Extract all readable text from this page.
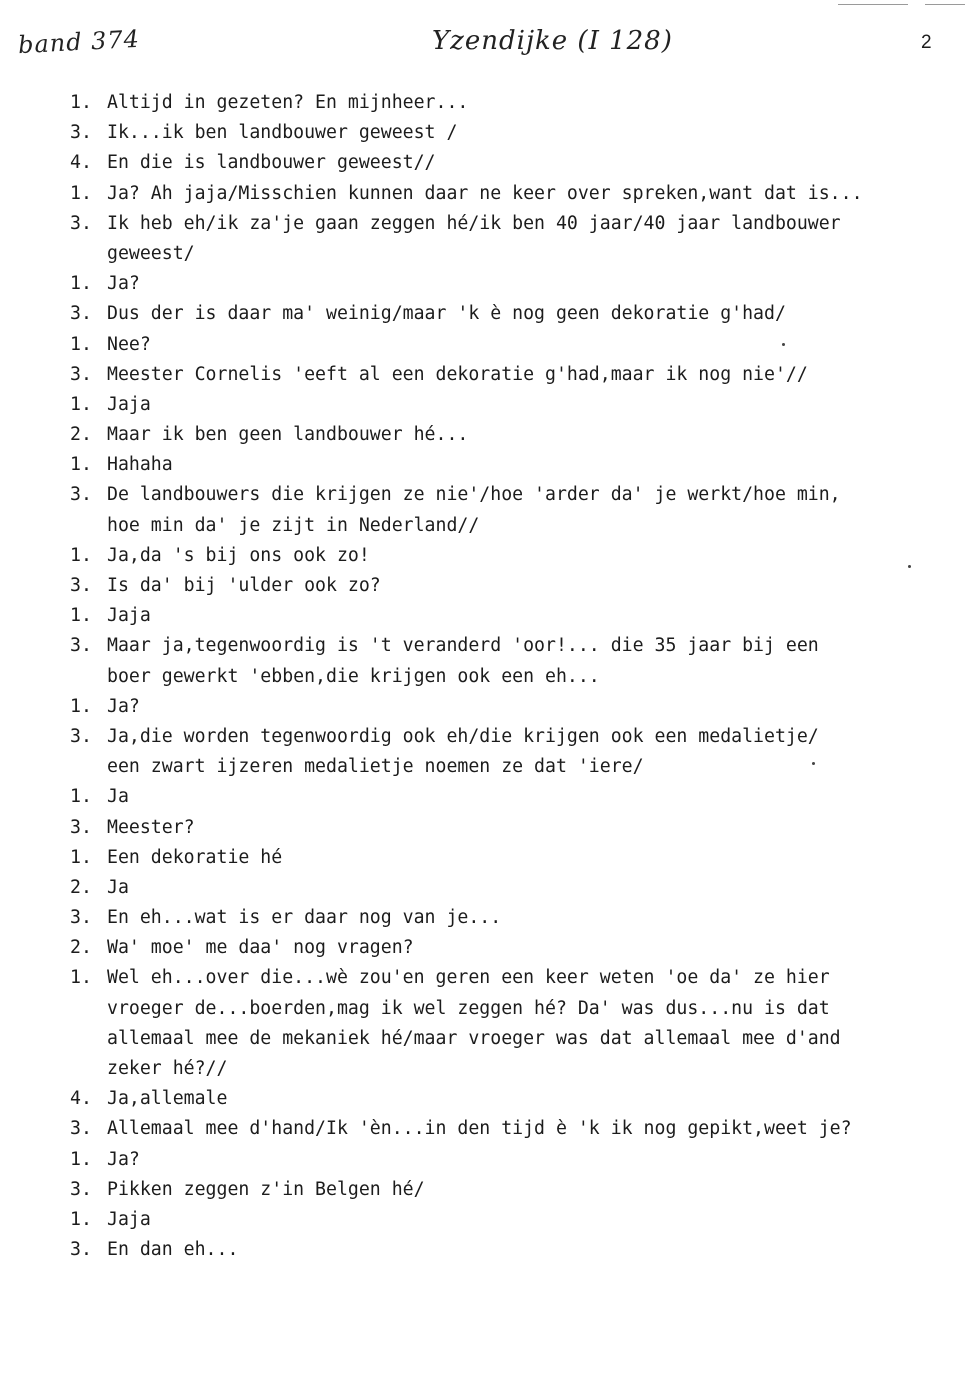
band 374	Yzendijke (I 128)	2
1. Altijd in gezeten? En mijnheer...
3. Ik...ik ben landbouwer geweest /
4. En die is landbouwer geweest//
1. Ja? Ah jaja/Misschien kunnen daar ne keer over spreken,want dat is...
3. Ik heb eh/ik za'je gaan zeggen hé/ik ben 40 jaar/40 jaar landbouwer
geweest/
1. Ja?
3. Dus der is daar ma' weinig/maar 'k è nog geen dekoratie g'had/
1. Nee?
3. Meester Cornelis 'eeft al een dekoratie g'had,maar ik nog nie'//
1. Jaja
2. Maar ik ben geen landbouwer hé...
1. Hahaha
3. De landbouwers die krijgen ze nie'/hoe 'arder da' je werkt/hoe min,
hoe min da' je zijt in Nederland//
1. Ja,da 's bij ons ook zo!
3. Is da' bij 'ulder ook zo?
1. Jaja
3. Maar ja,tegenwoordig is 't veranderd 'oor!... die 35 jaar bij een
boer gewerkt 'ebben,die krijgen ook een eh...
1. Ja?
3. Ja,die worden tegenwoordig ook eh/die krijgen ook een medalietje/
een zwart ijzeren medalietje noemen ze dat 'iere/
1. Ja
3. Meester?
1. Een dekoratie hé
2. Ja
3. En eh...wat is er daar nog van je...
2. Wa' moe' me daa' nog vragen?
1. Wel eh...over die...wè zou'en geren een keer weten 'oe da' ze hier
vroeger de...boerden,mag ik wel zeggen hé? Da' was dus...nu is dat
allemaal mee de mekaniek hé/maar vroeger was dat allemaal mee d'and
zeker hé?//
4. Ja,allemale
3. Allemaal mee d'hand/Ik 'èn...in den tijd è 'k ik nog gepikt,weet je?
1. Ja?
3. Pikken zeggen z'in Belgen hé/
1. Jaja
3. En dan eh...
